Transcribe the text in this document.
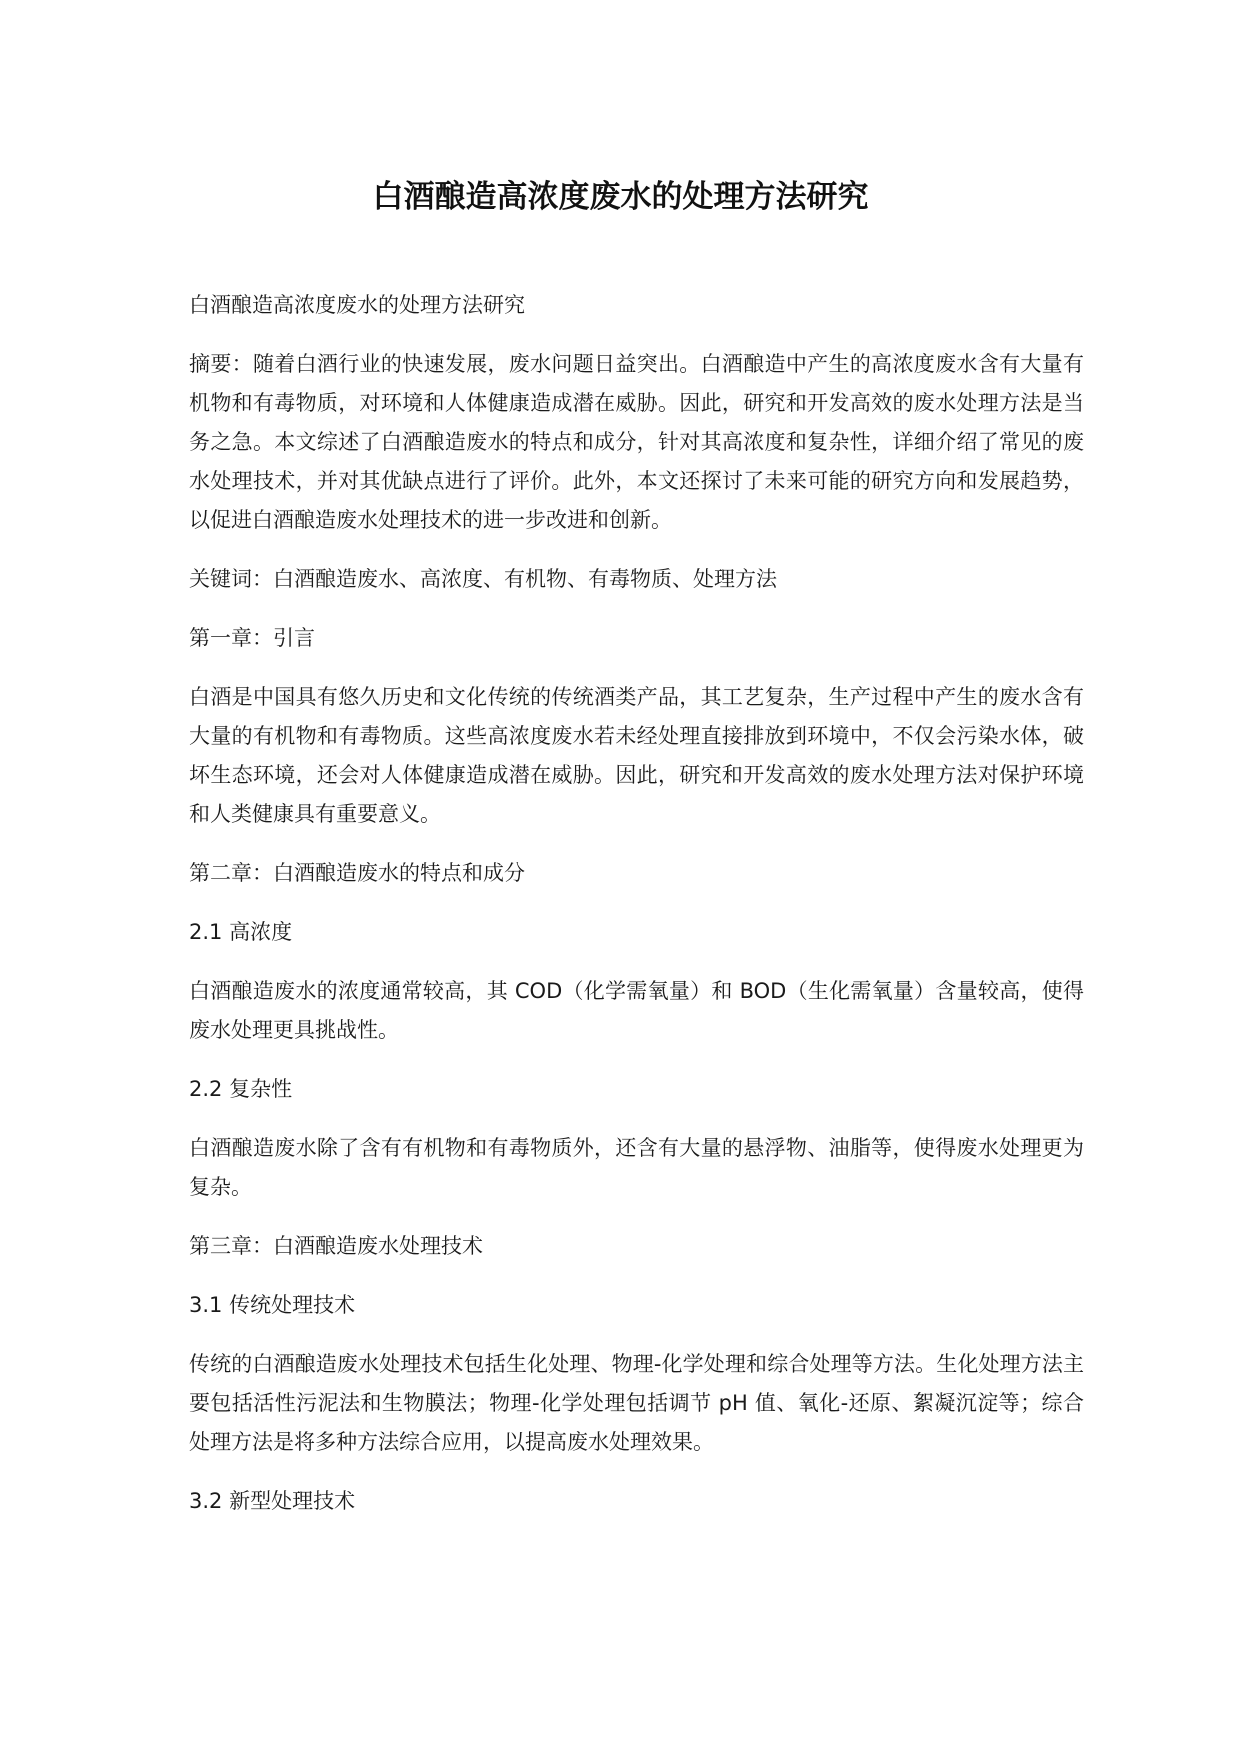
白酒酿造高浓度废水的处理方法研究

白酒酿造高浓度废水的处理方法研究

摘要：随着白酒行业的快速发展，废水问题日益突出。白酒酿造中产生的高浓度废水含有大量有机物和有毒物质，对环境和人体健康造成潜在威胁。因此，研究和开发高效的废水处理方法是当务之急。本文综述了白酒酿造废水的特点和成分，针对其高浓度和复杂性，详细介绍了常见的废水处理技术，并对其优缺点进行了评价。此外，本文还探讨了未来可能的研究方向和发展趋势，以促进白酒酿造废水处理技术的进一步改进和创新。

关键词：白酒酿造废水、高浓度、有机物、有毒物质、处理方法

第一章：引言

白酒是中国具有悠久历史和文化传统的传统酒类产品，其工艺复杂，生产过程中产生的废水含有大量的有机物和有毒物质。这些高浓度废水若未经处理直接排放到环境中，不仅会污染水体，破坏生态环境，还会对人体健康造成潜在威胁。因此，研究和开发高效的废水处理方法对保护环境和人类健康具有重要意义。

第二章：白酒酿造废水的特点和成分

2.1 高浓度

白酒酿造废水的浓度通常较高，其 COD（化学需氧量）和 BOD（生化需氧量）含量较高，使得废水处理更具挑战性。

2.2 复杂性

白酒酿造废水除了含有有机物和有毒物质外，还含有大量的悬浮物、油脂等，使得废水处理更为复杂。

第三章：白酒酿造废水处理技术

3.1 传统处理技术

传统的白酒酿造废水处理技术包括生化处理、物理-化学处理和综合处理等方法。生化处理方法主要包括活性污泥法和生物膜法；物理-化学处理包括调节 pH 值、氧化-还原、絮凝沉淀等；综合处理方法是将多种方法综合应用，以提高废水处理效果。

3.2 新型处理技术
